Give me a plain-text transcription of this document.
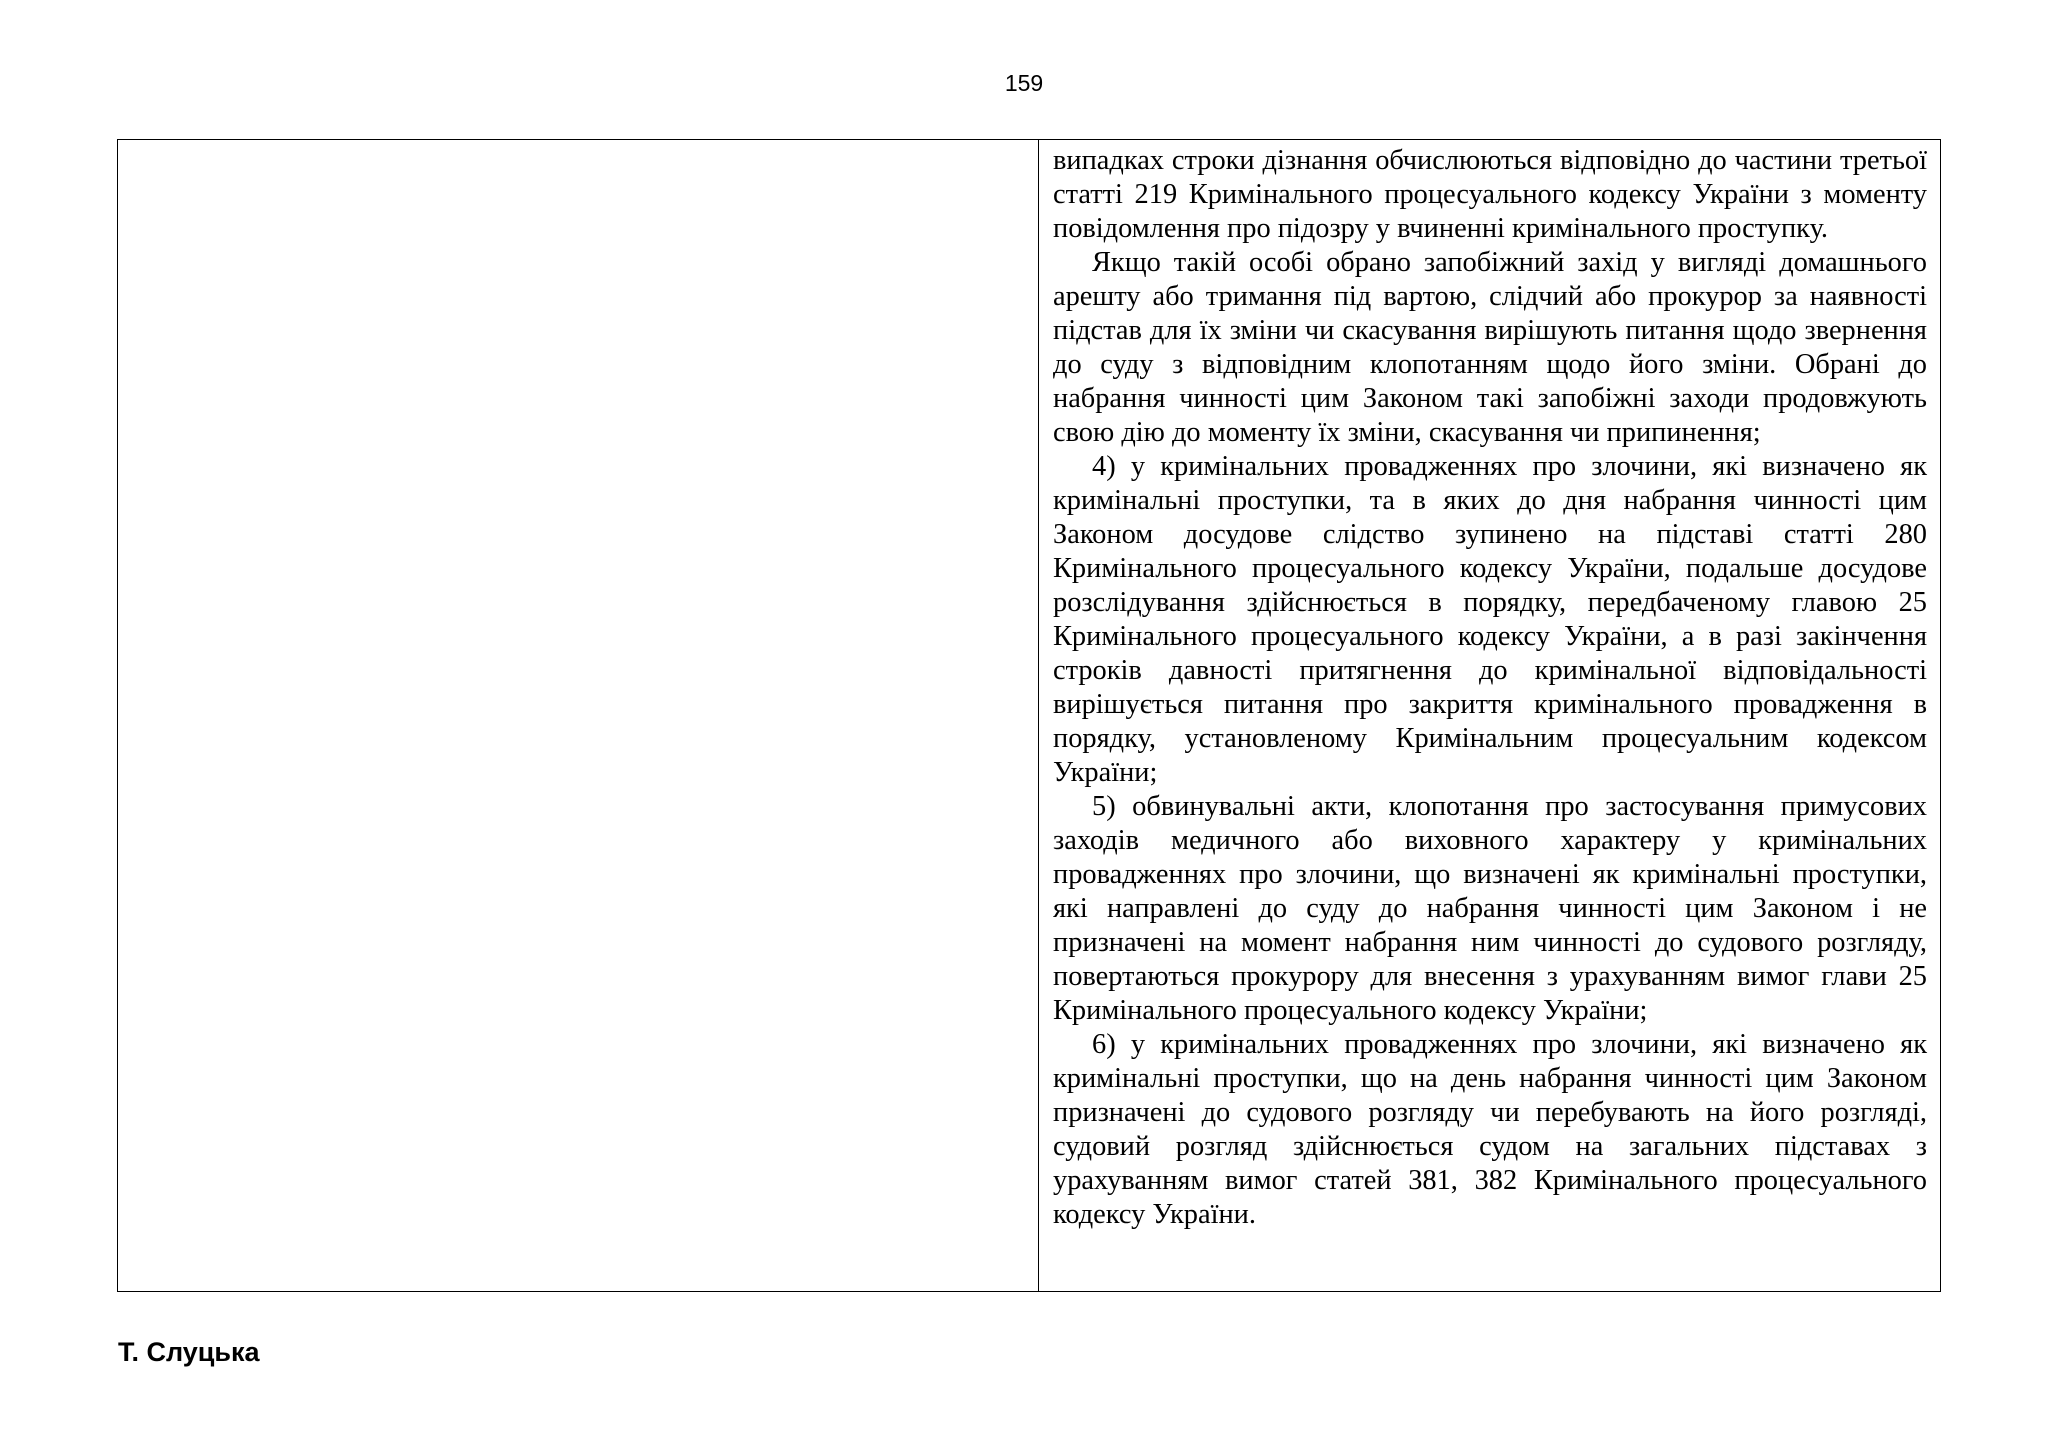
159

випадках строки дізнання обчислюються відповідно до частини третьої статті 219 Кримінального процесуального кодексу України з моменту повідомлення про підозру у вчиненні кримінального проступку.

Якщо такій особі обрано запобіжний захід у вигляді домашнього арешту або тримання під вартою, слідчий або прокурор за наявності підстав для їх зміни чи скасування вирішують питання щодо звернення до суду з відповідним клопотанням щодо його зміни. Обрані до набрання чинності цим Законом такі запобіжні заходи продовжують свою дію до моменту їх зміни, скасування чи припинення;

4) у кримінальних провадженнях про злочини, які визначено як кримінальні проступки, та в яких до дня набрання чинності цим Законом досудове слідство зупинено на підставі статті 280 Кримінального процесуального кодексу України, подальше досудове розслідування здійснюється в порядку, передбаченому главою 25 Кримінального процесуального кодексу України, а в разі закінчення строків давності притягнення до кримінальної відповідальності вирішується питання про закриття кримінального провадження в порядку, установленому Кримінальним процесуальним кодексом України;

5) обвинувальні акти, клопотання про застосування примусових заходів медичного або виховного характеру у кримінальних провадженнях про злочини, що визначені як кримінальні проступки, які направлені до суду до набрання чинності цим Законом і не призначені на момент набрання ним чинності до судового розгляду, повертаються прокурору для внесення з урахуванням вимог глави 25 Кримінального процесуального кодексу України;

6) у кримінальних провадженнях про злочини, які визначено як кримінальні проступки, що на день набрання чинності цим Законом призначені до судового розгляду чи перебувають на його розгляді, судовий розгляд здійснюється судом на загальних підставах з урахуванням вимог статей 381, 382 Кримінального процесуального кодексу України.

Т. Слуцька
